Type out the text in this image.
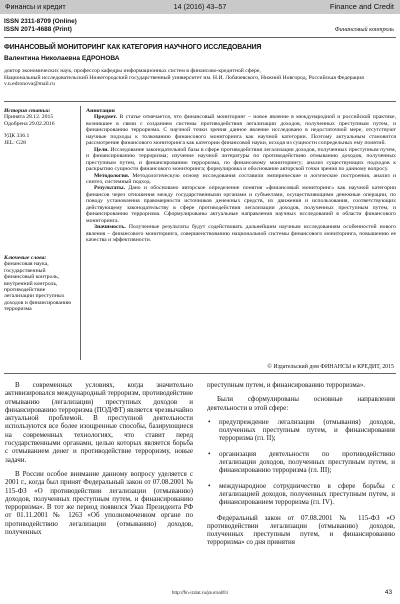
Финансы и кредит	14 (2016) 43–57	Finance and Credit
ISSN 2311-8709 (Online)
ISSN 2071-4688 (Print)	Финансовый контроль
ФИНАНСОВЫЙ МОНИТОРИНГ КАК КАТЕГОРИЯ НАУЧНОГО ИССЛЕДОВАНИЯ
Валентина Николаевна ЕДРОНОВА
доктор экономических наук, профессор кафедры информационных систем в финансово-кредитной сфере,
Национальный исследовательский Нижегородский государственный университет им. Н.И. Лобачевского, Нижний Новгород, Российская Федерация
v.n.edronova@mail.ru
История статьи:
Принята 28.12. 2015
Одобрена 29.02.2016
УДК 336.1
JEL: G28
Ключевые слова: финансовая наука, государственный финансовый контроль, внутренний контроль, противодействие легализации преступных доходов и финансированию терроризма
Аннотация

Предмет. В статье отмечается, что финансовый мониторинг – новое явление в международной и российской практике, возникшее в связи с созданием системы противодействия легализации доходов, полученных преступным путем, и финансированию терроризма. С научной точки зрения данное явление исследовано в недостаточной мере, отсутствуют научные подходы к толкованию финансового мониторинга как научной категории. Поэтому актуальным становится рассмотрение финансового мониторинга как категории финансовой науки, исходя из сущности сопредельных ему понятий.

Цели. Исследование законодательной базы в сфере противодействия легализации доходов, полученных преступным путем, и финансированию терроризма; изучение научной литературы по противодействию отмыванию доходов, полученных преступным путем, и финансированию терроризма, по финансовому мониторингу; анализ существующих подходов к раскрытию сущности финансового мониторинга; формулировка и обоснование авторской точки зрения по данному вопросу.

Методология. Методологическую основу исследования составили эмпирические и логические построения, анализ и синтез, системный подход.

Результаты. Дано и обосновано авторское определение понятия «финансовый мониторинг» как научной категории финансов через отношения между государственными органами и субъектами, осуществляющими денежные операции, по поводу установления правомерности источников денежных средств, их движения и использования, соответствующих действующему законодательству в сфере противодействия легализации доходов, полученных преступным путем, и финансированию терроризма. Сформулированы актуальные направления научных исследований в области финансового мониторинга.

Значимость. Полученные результаты будут содействовать дальнейшим научным исследованиям особенностей нового явления – финансового мониторинга, совершенствованию национальной системы финансового мониторинга, повышению ее качества и эффективности.

© Издательский дом ФИНАНСЫ и КРЕДИТ, 2015

В современных условиях, когда значительно активизировался международный терроризм, противодействие отмыванию (легализации) преступных доходов и финансированию терроризма (ПОД/ФТ) является чрезвычайно актуальной проблемой. В преступной деятельности используются все более изощренные способы, базирующиеся на современных технологиях, что ставит перед государственными органами, целью которых является борьба с отмыванием денег и противодействие терроризму, новые задачи.

В России особое внимание данному вопросу уделяется с 2001 г., когда был принят Федеральный закон от 07.08.2001 № 115-ФЗ «О противодействии легализации (отмыванию) доходов, полученных преступным путем, и финансированию терроризма». В тот же период появился Указ Президента РФ от 01.11.2001 № 1263 «Об уполномоченном органе по противодействию легализации (отмыванию) доходов, полученных

преступным путем, и финансированию терроризма».

Были сформулированы основные направления деятельности в этой сфере:

• предупреждение легализации (отмывания) доходов, полученных преступным путем, и финансирования терроризма (гл. II);
• организация деятельности по противодействию легализации доходов, полученных преступным путем, и финансированию терроризма (гл. III);
• международное сотрудничество в сфере борьбы с легализацией доходов, полученных преступным путем, и финансированием терроризма (гл. IV).

Федеральный закон от 07.08.2001 № 115-ФЗ «О противодействии легализации (отмыванию) доходов, полученных преступным путем, и финансированию терроризма» со дня принятия

http://fin-izdat.ru/journal/fc/	43
